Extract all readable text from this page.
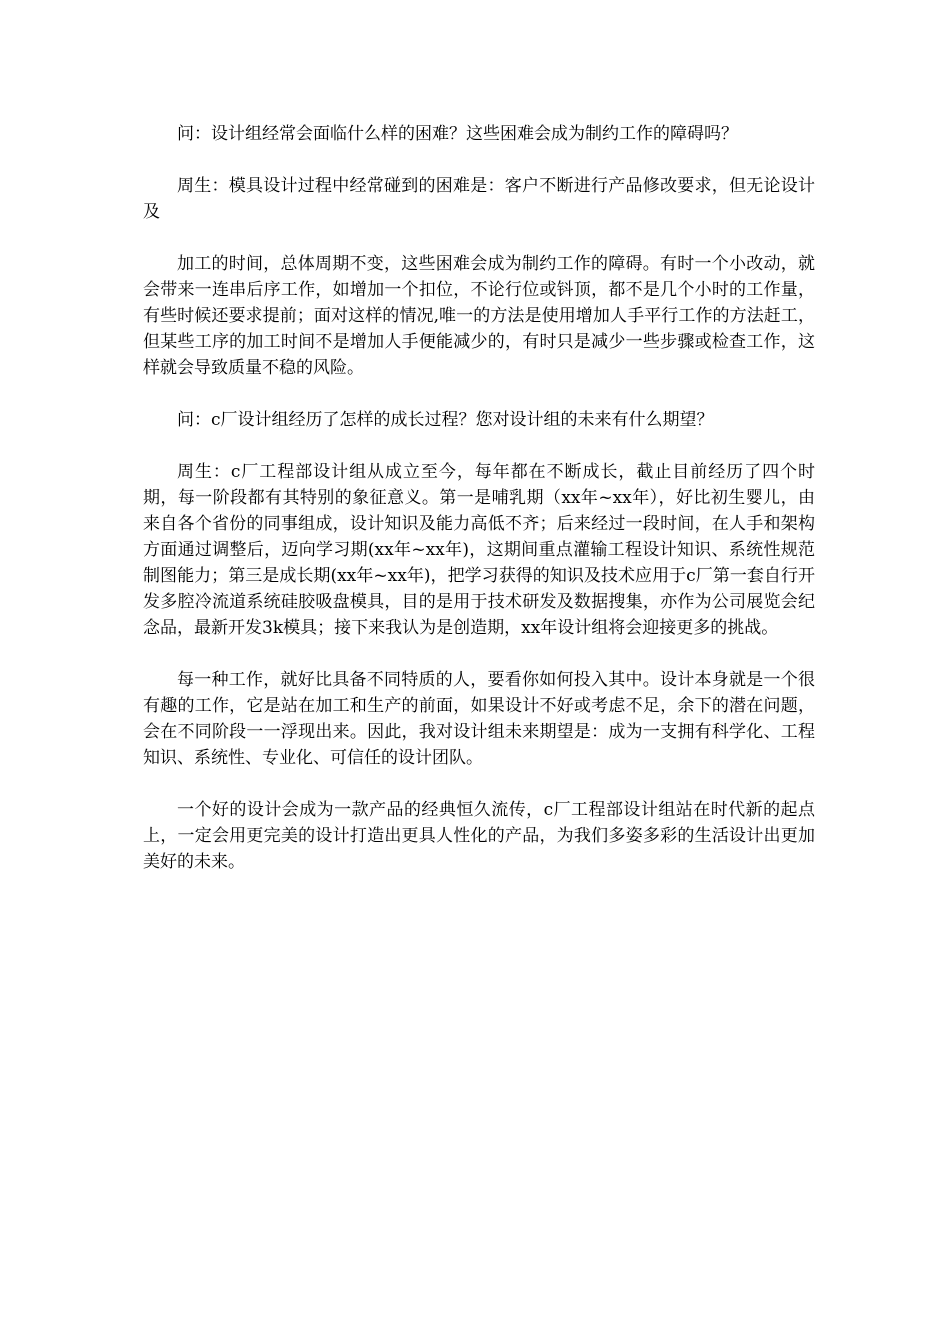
问：设计组经常会面临什么样的困难？这些困难会成为制约工作的障碍吗？

周生：模具设计过程中经常碰到的困难是：客户不断进行产品修改要求，但无论设计及

加工的时间，总体周期不变，这些困难会成为制约工作的障碍。有时一个小改动，就会带来一连串后序工作，如增加一个扣位，不论行位或钭顶，都不是几个小时的工作量，有些时候还要求提前；面对这样的情况,唯一的方法是使用增加人手平行工作的方法赶工，但某些工序的加工时间不是增加人手便能减少的，有时只是减少一些步骤或检查工作，这样就会导致质量不稳的风险。

问：c厂设计组经历了怎样的成长过程？您对设计组的未来有什么期望？

周生：c厂工程部设计组从成立至今，每年都在不断成长，截止目前经历了四个时期，每一阶段都有其特别的象征意义。第一是哺乳期（xx年~xx年），好比初生婴儿，由来自各个省份的同事组成，设计知识及能力高低不齐；后来经过一段时间，在人手和架构方面通过调整后，迈向学习期(xx年~xx年)，这期间重点灌输工程设计知识、系统性规范制图能力；第三是成长期(xx年~xx年)，把学习获得的知识及技术应用于c厂第一套自行开发多腔冷流道系统硅胶吸盘模具，目的是用于技术研发及数据搜集，亦作为公司展览会纪念品，最新开发3k模具；接下来我认为是创造期，xx年设计组将会迎接更多的挑战。

每一种工作，就好比具备不同特质的人，要看你如何投入其中。设计本身就是一个很有趣的工作，它是站在加工和生产的前面，如果设计不好或考虑不足，余下的潜在问题，会在不同阶段一一浮现出来。因此，我对设计组未来期望是：成为一支拥有科学化、工程知识、系统性、专业化、可信任的设计团队。

一个好的设计会成为一款产品的经典恒久流传，c厂工程部设计组站在时代新的起点上，一定会用更完美的设计打造出更具人性化的产品，为我们多姿多彩的生活设计出更加美好的未来。
